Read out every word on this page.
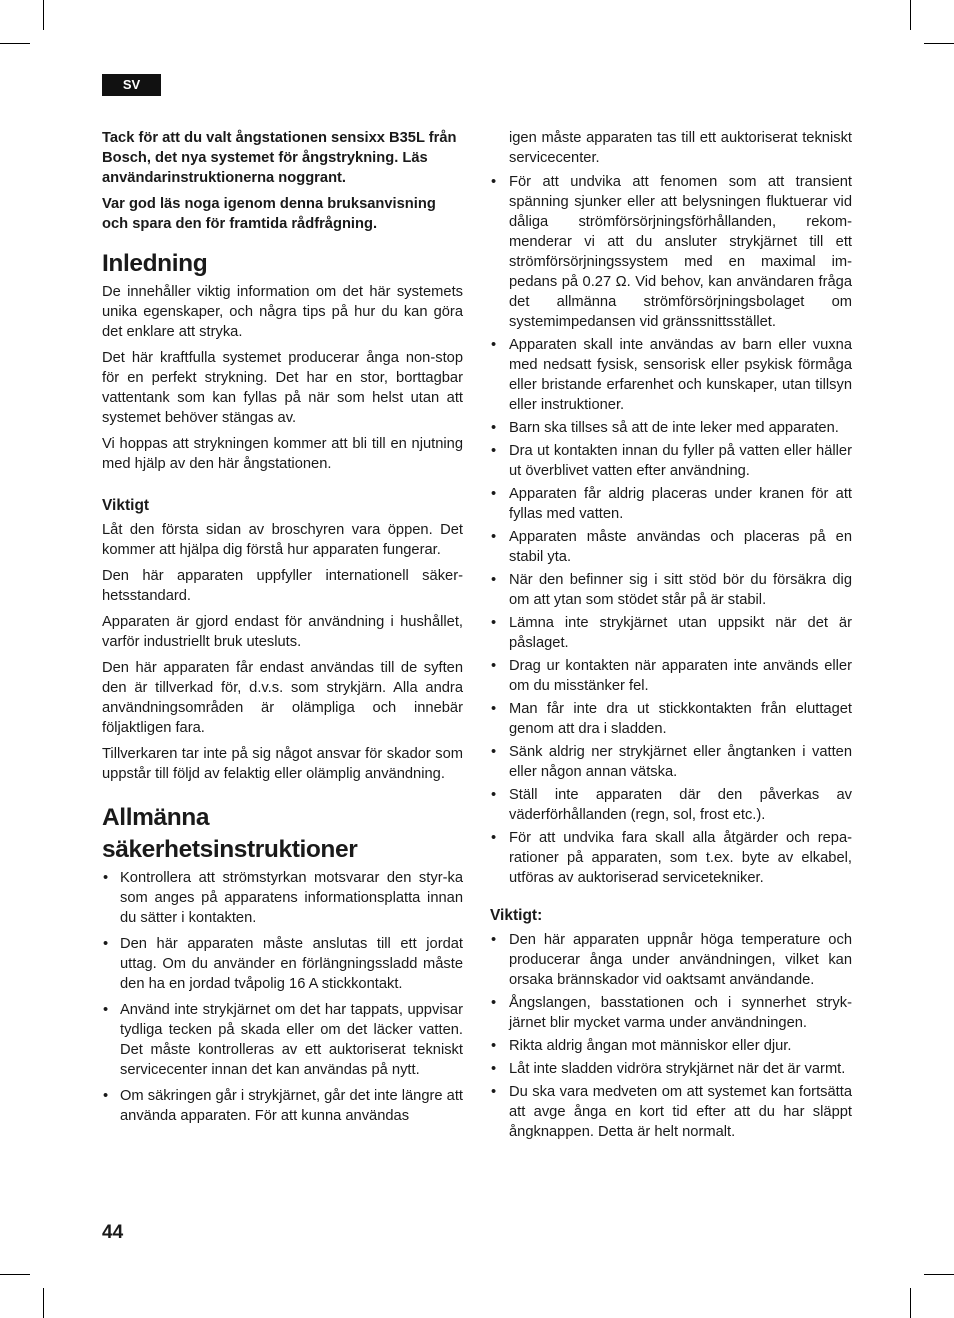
SV

Tack för att du valt ångstationen sensixx B35L från Bosch, det nya systemet för ångstrykning. Läs användarinstruktionerna noggrant.

Var god läs noga igenom denna bruksanvisning och spara den för framtida rådfrågning.

Inledning

De innehåller viktig information om det här systemets unika egenskaper, och några tips på hur du kan göra det enklare att stryka.

Det här kraftfulla systemet producerar ånga non-stop för en perfekt strykning. Det har en stor, borttagbar vattentank som kan fyllas på när som helst utan att systemet behöver stängas av.

Vi hoppas att strykningen kommer att bli till en njutning med hjälp av den här ångstationen.

Viktigt

Låt den första sidan av broschyren vara öppen. Det kommer att hjälpa dig förstå hur apparaten fungerar.

Den här apparaten uppfyller internationell säker-hetsstandard.

Apparaten är gjord endast för användning i hushållet, varför industriellt bruk utesluts.

Den här apparaten får endast användas till de syften den är tillverkad för, d.v.s. som strykjärn. Alla andra användningsområden är olämpliga och innebär följaktligen fara.

Tillverkaren tar inte på sig något ansvar för skador som uppstår till följd av felaktig eller olämplig användning.

Allmänna säkerhetsinstruktioner
• Kontrollera att strömstyrkan motsvarar den styr-ka som anges på apparatens informationsplatta innan du sätter i kontakten.
• Den här apparaten måste anslutas till ett jordat uttag. Om du använder en förlängningssladd måste den ha en jordad tvåpolig 16 A stickkontakt.
• Använd inte strykjärnet om det har tappats, uppvisar tydliga tecken på skada eller om det läcker vatten. Det måste kontrolleras av ett auktoriserat tekniskt servicecenter innan det kan användas på nytt.
• Om säkringen går i strykjärnet, går det inte längre att använda apparaten. För att kunna användas

igen måste apparaten tas till ett auktoriserat tekniskt servicecenter.

• För att undvika att fenomen som att transient spänning sjunker eller att belysningen fluktuerar vid dåliga strömförsörjningsförhållanden, rekom-menderar vi att du ansluter strykjärnet till ett strömförsörjningssystem med en maximal im-pedans på 0.27 Ω. Vid behov, kan användaren fråga det allmänna strömförsörjningsbolaget om systemimpedansen vid gränssnittsstället.
• Apparaten skall inte användas av barn eller vuxna med nedsatt fysisk, sensorisk eller psykisk förmåga eller bristande erfarenhet och kunskaper, utan tillsyn eller instruktioner.
• Barn ska tillses så att de inte leker med apparaten.
• Dra ut kontakten innan du fyller på vatten eller häller ut överblivet vatten efter användning.
• Apparaten får aldrig placeras under kranen för att fyllas med vatten.
• Apparaten måste användas och placeras på en stabil yta.
• När den befinner sig i sitt stöd bör du försäkra dig om att ytan som stödet står på är stabil.
• Lämna inte strykjärnet utan uppsikt när det är påslaget.
• Drag ur kontakten när apparaten inte används eller om du misstänker fel.
• Man får inte dra ut stickkontakten från eluttaget genom att dra i sladden.
• Sänk aldrig ner strykjärnet eller ångtanken i vatten eller någon annan vätska.
• Ställ inte apparaten där den påverkas av väderförhållanden (regn, sol, frost etc.).
• För att undvika fara skall alla åtgärder och repa-rationer på apparaten, som t.ex. byte av elkabel, utföras av auktoriserad servicetekniker.
Viktigt:
• Den här apparaten uppnår höga temperature och producerar ånga under användningen, vilket kan orsaka brännskador vid oaktsamt användande.
• Ångslangen, basstationen och i synnerhet stryk-järnet blir mycket varma under användningen.
• Rikta aldrig ångan mot människor eller djur.
• Låt inte sladden vidröra strykjärnet när det är varmt.
• Du ska vara medveten om att systemet kan fortsätta att avge ånga en kort tid efter att du har släppt ångknappen. Detta är helt normalt.
44
